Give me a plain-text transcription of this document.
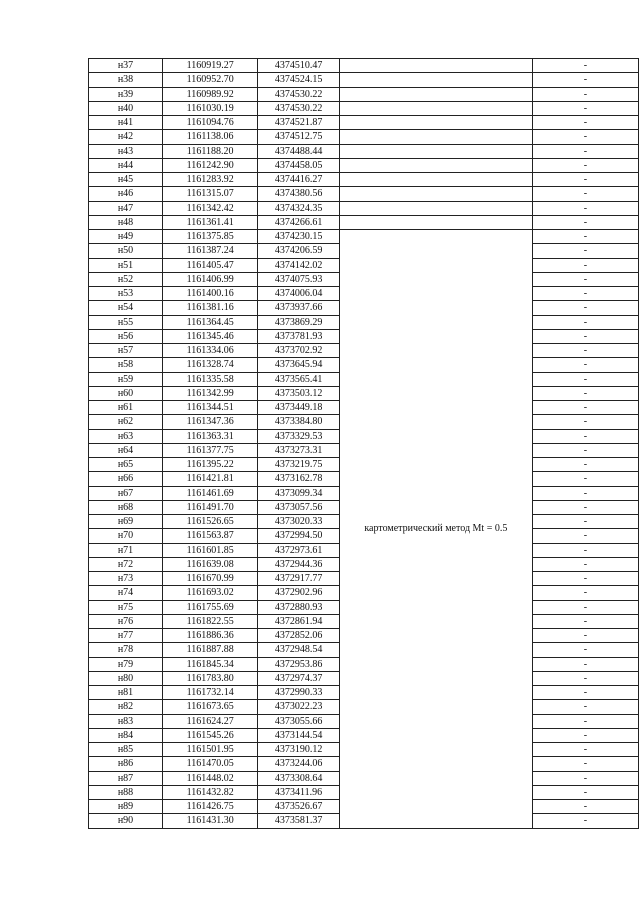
н37	1160919.27	4374510.47		-
н38	1160952.70	4374524.15		-
н39	1160989.92	4374530.22		-
н40	1161030.19	4374530.22		-
н41	1161094.76	4374521.87		-
н42	1161138.06	4374512.75		-
н43	1161188.20	4374488.44		-
н44	1161242.90	4374458.05		-
н45	1161283.92	4374416.27		-
н46	1161315.07	4374380.56		-
н47	1161342.42	4374324.35		-
н48	1161361.41	4374266.61		-
н49	1161375.85	4374230.15	картометрический метод Mt = 0.5	-
н50	1161387.24	4374206.59		-
н51	1161405.47	4374142.02		-
н52	1161406.99	4374075.93		-
н53	1161400.16	4374006.04		-
н54	1161381.16	4373937.66		-
н55	1161364.45	4373869.29		-
н56	1161345.46	4373781.93		-
н57	1161334.06	4373702.92		-
н58	1161328.74	4373645.94		-
н59	1161335.58	4373565.41		-
н60	1161342.99	4373503.12		-
н61	1161344.51	4373449.18		-
н62	1161347.36	4373384.80		-
н63	1161363.31	4373329.53		-
н64	1161377.75	4373273.31		-
н65	1161395.22	4373219.75		-
н66	1161421.81	4373162.78		-
н67	1161461.69	4373099.34		-
н68	1161491.70	4373057.56		-
н69	1161526.65	4373020.33		-
н70	1161563.87	4372994.50		-
н71	1161601.85	4372973.61		-
н72	1161639.08	4372944.36		-
н73	1161670.99	4372917.77		-
н74	1161693.02	4372902.96		-
н75	1161755.69	4372880.93		-
н76	1161822.55	4372861.94		-
н77	1161886.36	4372852.06		-
н78	1161887.88	4372948.54		-
н79	1161845.34	4372953.86		-
н80	1161783.80	4372974.37		-
н81	1161732.14	4372990.33		-
н82	1161673.65	4373022.23		-
н83	1161624.27	4373055.66		-
н84	1161545.26	4373144.54		-
н85	1161501.95	4373190.12		-
н86	1161470.05	4373244.06		-
н87	1161448.02	4373308.64		-
н88	1161432.82	4373411.96		-
н89	1161426.75	4373526.67		-
н90	1161431.30	4373581.37		-
